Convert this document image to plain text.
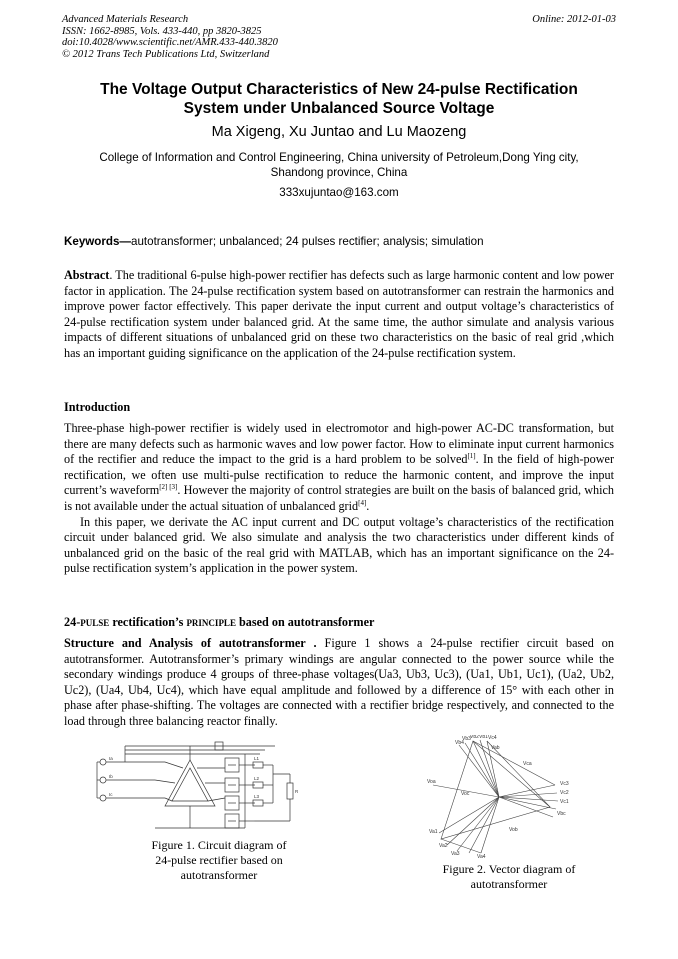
Advanced Materials Research
ISSN: 1662-8985, Vols. 433-440, pp 3820-3825
doi:10.4028/www.scientific.net/AMR.433-440.3820
© 2012 Trans Tech Publications Ltd, Switzerland
Online: 2012-01-03
The Voltage Output Characteristics of New 24-pulse Rectification
System under Unbalanced Source Voltage
Ma Xigeng, Xu Juntao and Lu Maozeng
College of Information and Control Engineering, China university of Petroleum,Dong Ying city,
Shandong province, China
333xujuntao@163.com
Keywords—autotransformer; unbalanced; 24 pulses rectifier; analysis; simulation

Abstract. The traditional 6-pulse high-power rectifier has defects such as large harmonic content and low power factor in application. The 24-pulse rectification system based on autotransformer can restrain the harmonics and improve power factor effectively. This paper derivate the input current and output voltage’s characteristics of 24-pulse rectification system under balanced grid. At the same time, the author simulate and analysis various impacts of different situations of unbalanced grid on these two characteristics on the basic of real grid ,which has an important guiding significance on the application of the 24-pulse rectification system.

Introduction

Three-phase high-power rectifier is widely used in electromotor and high-power AC-DC transformation, but there are many defects such as harmonic waves and low power factor. How to eliminate input current harmonics of the rectifier and reduce the impact to the grid is a hard problem to be solved[1]. In the field of high-power rectification, we often use multi-pulse rectification to reduce the harmonic content, and improve the input current’s waveform[2] [3]. However the majority of control strategies are built on the basis of balanced grid, which is not available under the actual situation of unbalanced grid[4].

In this paper, we derivate the AC input current and DC output voltage’s characteristics of the rectification circuit under balanced grid. We also simulate and analysis the two characteristics under different kinds of unbalanced grid on the basic of the real grid with MATLAB, which has an important significance on the 24-pulse rectification system’s application in the power system.

24-PULSE rectification’s PRINCIPLE based on autotransformer

Structure and Analysis of autotransformer . Figure 1 shows a 24-pulse rectifier circuit based on autotransformer. Autotransformer’s primary windings are angular connected to the power source while the secondary windings produce 4 groups of three-phase voltages(Ua3, Ub3, Uc3), (Ua1, Ub1, Uc1), (Ua2, Ub2, Uc2), (Ua4, Ub4, Uc4), which have equal amplitude and followed by a difference of 15° with each other in phase after phase-shifting. The voltages are connected with a rectifier bridge respectively, and connected to the load through three balancing reactor finally.

Ia
Ib
Ic
L1
L2
L3
R
Figure 1. Circuit diagram of
24-pulse rectifier based on
autotransformer
Vb4
Vb3 Vb2 Vb1 Vc4
Vca
Vc3
Vc2
Vc1
Voa
Vob
Voc
Va1
Va2
Va3	Va4
Vab
Vbc
Figure 2. Vector diagram of
autotransformer
